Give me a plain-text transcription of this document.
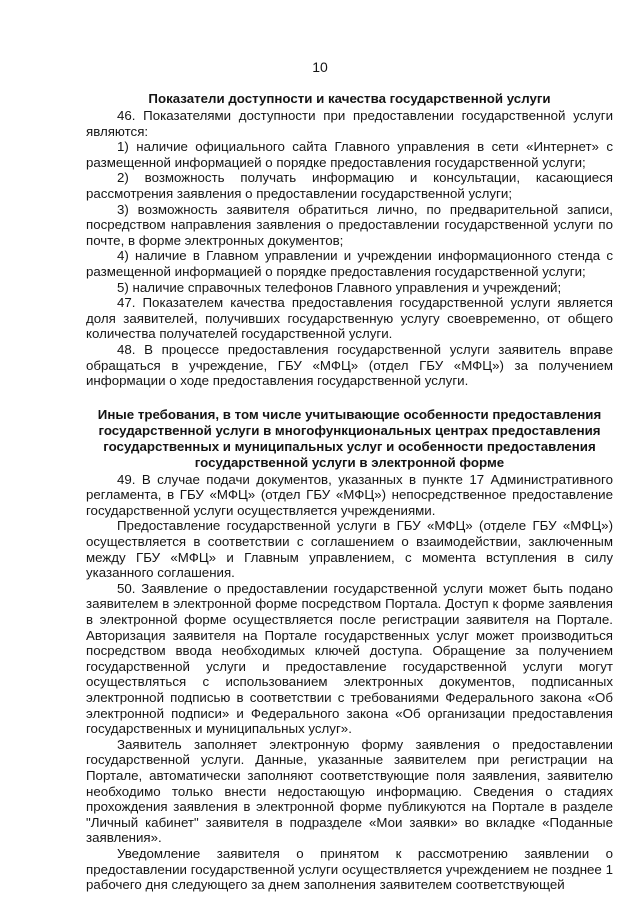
10
Показатели доступности и качества государственной услуги

46. Показателями доступности при предоставлении государственной услуги являются:

1) наличие официального сайта Главного управления в сети «Интернет» с размещенной информацией о порядке предоставления государственной услуги;

2) возможность получать информацию и консультации, касающиеся рассмотрения заявления о предоставлении государственной услуги;

3) возможность заявителя обратиться лично, по предварительной записи, посредством направления заявления о предоставлении государственной услуги по почте, в форме электронных документов;

4) наличие в Главном управлении и учреждении информационного стенда с размещенной информацией о порядке предоставления государственной услуги;

5) наличие справочных телефонов Главного управления и учреждений;

47. Показателем качества предоставления государственной услуги является доля заявителей, получивших государственную услугу своевременно, от общего количества получателей государственной услуги.

48. В процессе предоставления государственной услуги заявитель вправе обращаться в учреждение, ГБУ «МФЦ» (отдел ГБУ «МФЦ») за получением информации о ходе предоставления государственной услуги.

Иные требования, в том числе учитывающие особенности предоставления государственной услуги в многофункциональных центрах предоставления государственных и муниципальных услуг и особенности предоставления государственной услуги в электронной форме

49. В случае подачи документов, указанных в пункте 17 Административного регламента, в ГБУ «МФЦ» (отдел ГБУ «МФЦ») непосредственное предоставление государственной услуги осуществляется учреждениями.

Предоставление государственной услуги в ГБУ «МФЦ» (отделе ГБУ «МФЦ») осуществляется в соответствии с соглашением о взаимодействии, заключенным между ГБУ «МФЦ» и Главным управлением, с момента вступления в силу указанного соглашения.

50. Заявление о предоставлении государственной услуги может быть подано заявителем в электронной форме посредством Портала. Доступ к форме заявления в электронной форме осуществляется после регистрации заявителя на Портале. Авторизация заявителя на Портале государственных услуг может производиться посредством ввода необходимых ключей доступа. Обращение за получением государственной услуги и предоставление государственной услуги могут осуществляться с использованием электронных документов, подписанных электронной подписью в соответствии с требованиями Федерального закона «Об электронной подписи» и Федерального закона «Об организации предоставления государственных и муниципальных услуг».

Заявитель заполняет электронную форму заявления о предоставлении государственной услуги. Данные, указанные заявителем при регистрации на Портале, автоматически заполняют соответствующие поля заявления, заявителю необходимо только внести недостающую информацию. Сведения о стадиях прохождения заявления в электронной форме публикуются на Портале в разделе "Личный кабинет" заявителя в подразделе «Мои заявки» во вкладке «Поданные заявления».

Уведомление заявителя о принятом к рассмотрению заявлении о предоставлении государственной услуги осуществляется учреждением не позднее 1 рабочего дня следующего за днем заполнения заявителем соответствующей
